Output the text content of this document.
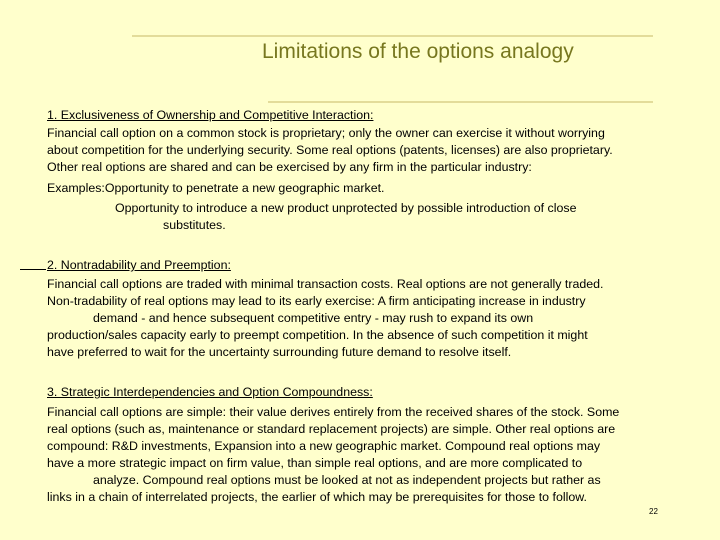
Limitations of the options analogy
1. Exclusiveness of Ownership and Competitive Interaction:
Financial call option on a common stock is proprietary; only the owner can exercise it without worrying
about competition for the underlying security. Some real options (patents, licenses) are also proprietary.
Other real options are shared and can be exercised by any firm in the particular industry:
Examples:Opportunity to penetrate a new geographic market.
Opportunity to introduce a new product unprotected by possible introduction of close
substitutes.
2. Nontradability and Preemption:
Financial call options are traded with minimal transaction costs. Real options are not generally traded.
Non-tradability of real options may lead to its early exercise: A firm anticipating increase in industry
demand - and hence subsequent competitive entry - may rush to expand its own
production/sales capacity early to preempt competition. In the absence of such competition it might
have preferred to wait for the uncertainty surrounding future demand to resolve itself.
3. Strategic Interdependencies and Option Compoundness:
Financial call options are simple: their value derives entirely from the received shares of the stock. Some
real options (such as, maintenance or standard replacement projects) are simple. Other real options are
compound: R&D investments, Expansion into a new geographic market. Compound real options may
have a more strategic impact on firm value, than simple real options, and are more complicated to
analyze. Compound real options must be looked at not as independent projects but rather as
links in a chain of interrelated projects, the earlier of which may be prerequisites for those to follow.
22
